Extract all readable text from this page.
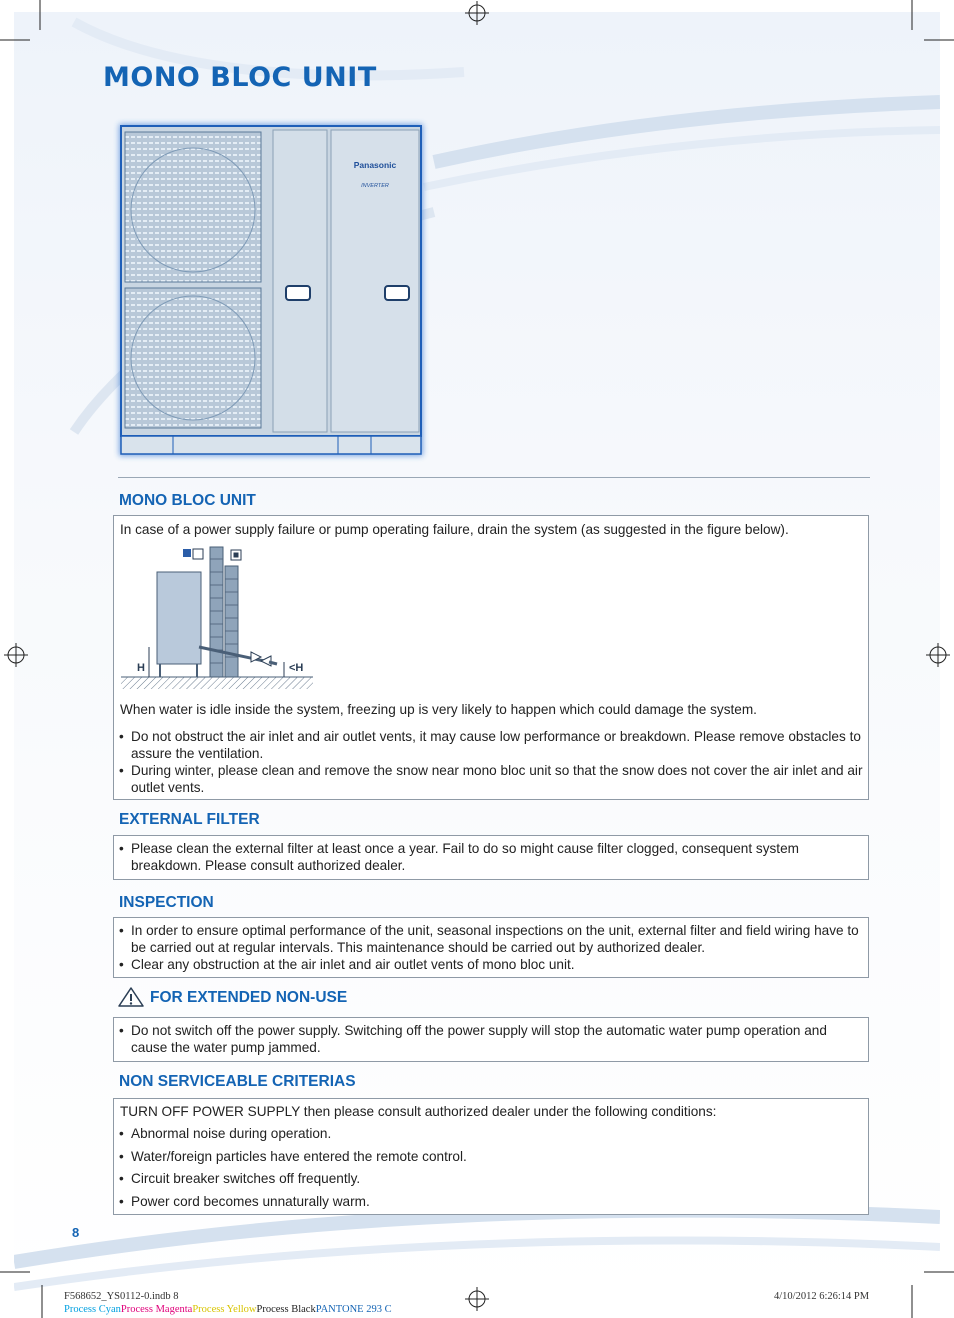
MONO BLOC UNIT
Panasonic
INVERTER
MONO BLOC UNIT
In case of a power supply failure or pump operating failure, drain the system (as suggested in the figure below).
H	<H
When water is idle inside the system, freezing up is very likely to happen which could damage the system.
• Do not obstruct the air inlet and air outlet vents, it may cause low performance or breakdown. Please remove obstacles to assure the ventilation.
• During winter, please clean and remove the snow near mono bloc unit so that the snow does not cover the air inlet and air outlet vents.
EXTERNAL FILTER
• Please clean the external filter at least once a year. Fail to do so might cause filter clogged, consequent system breakdown. Please consult authorized dealer.
INSPECTION
• In order to ensure optimal performance of the unit, seasonal inspections on the unit, external filter and field wiring have to be carried out at regular intervals. This maintenance should be carried out by authorized dealer.
• Clear any obstruction at the air inlet and air outlet vents of mono bloc unit.
FOR EXTENDED NON-USE
• Do not switch off the power supply. Switching off the power supply will stop the automatic water pump operation and cause the water pump jammed.
NON SERVICEABLE CRITERIAS
TURN OFF POWER SUPPLY then please consult authorized dealer under the following conditions:
• Abnormal noise during operation.
• Water/foreign particles have entered the remote control.
• Circuit breaker switches off frequently.
• Power cord becomes unnaturally warm.
8
F568652_YS0112-0.indb 8	4/10/2012 6:26:14 PM
Process CyanProcess MagentaProcess YellowProcess BlackPANTONE 293 C
